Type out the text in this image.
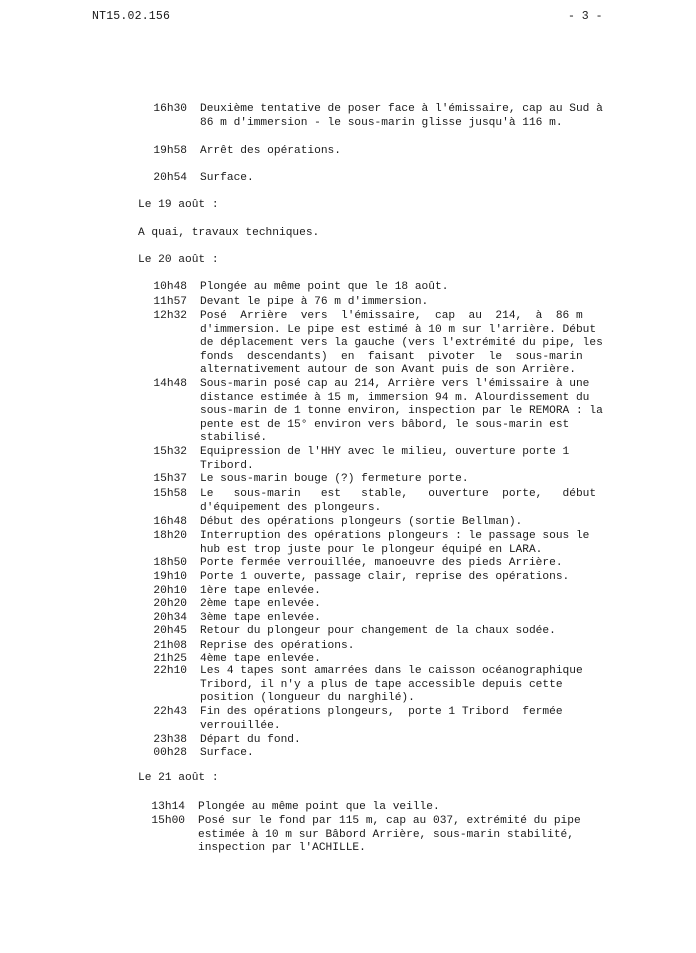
NT15.02.156	- 3 -
16h30 Deuxième tentative de poser face à l'émissaire, cap au Sud à
86 m d'immersion - le sous-marin glisse jusqu'à 116 m.
19h58 Arrêt des opérations.
20h54 Surface.
Le 19 août :
A quai, travaux techniques.
Le 20 août :
10h48 Plongée au même point que le 18 août.
11h57 Devant le pipe à 76 m d'immersion.
12h32 Posé  Arrière  vers  l'émissaire,  cap  au  214,  à  86 m
d'immersion. Le pipe est estimé à 10 m sur l'arrière. Début
de déplacement vers la gauche (vers l'extrémité du pipe, les
fonds  descendants)  en  faisant  pivoter  le  sous-marin
alternativement autour de son Avant puis de son Arrière.
14h48 Sous-marin posé cap au 214, Arrière vers l'émissaire à une
distance estimée à 15 m, immersion 94 m. Alourdissement du
sous-marin de 1 tonne environ, inspection par le REMORA : la
pente est de 15° environ vers bâbord, le sous-marin est
stabilisé.
15h32 Equipression de l'HHY avec le milieu, ouverture porte 1
Tribord.
15h37 Le sous-marin bouge (?) fermeture porte.
15h58 Le   sous-marin   est   stable,   ouverture  porte,   début
d'équipement des plongeurs.
16h48 Début des opérations plongeurs (sortie Bellman).
18h20 Interruption des opérations plongeurs : le passage sous le
hub est trop juste pour le plongeur équipé en LARA.
18h50 Porte fermée verrouillée, manoeuvre des pieds Arrière.
19h10 Porte 1 ouverte, passage clair, reprise des opérations.
20h10 1ère tape enlevée.
20h20 2ème tape enlevée.
20h34 3ème tape enlevée.
20h45 Retour du plongeur pour changement de la chaux sodée.
21h08 Reprise des opérations.
21h25 4ème tape enlevée.
22h10 Les 4 tapes sont amarrées dans le caisson océanographique
Tribord, il n'y a plus de tape accessible depuis cette
position (longueur du narghilé).
22h43 Fin des opérations plongeurs,  porte 1 Tribord  fermée
verrouillée.
23h38 Départ du fond.
00h28 Surface.
Le 21 août :
13h14 Plongée au même point que la veille.
15h00 Posé sur le fond par 115 m, cap au 037, extrémité du pipe
estimée à 10 m sur Bâbord Arrière, sous-marin stabilité,
inspection par l'ACHILLE.
